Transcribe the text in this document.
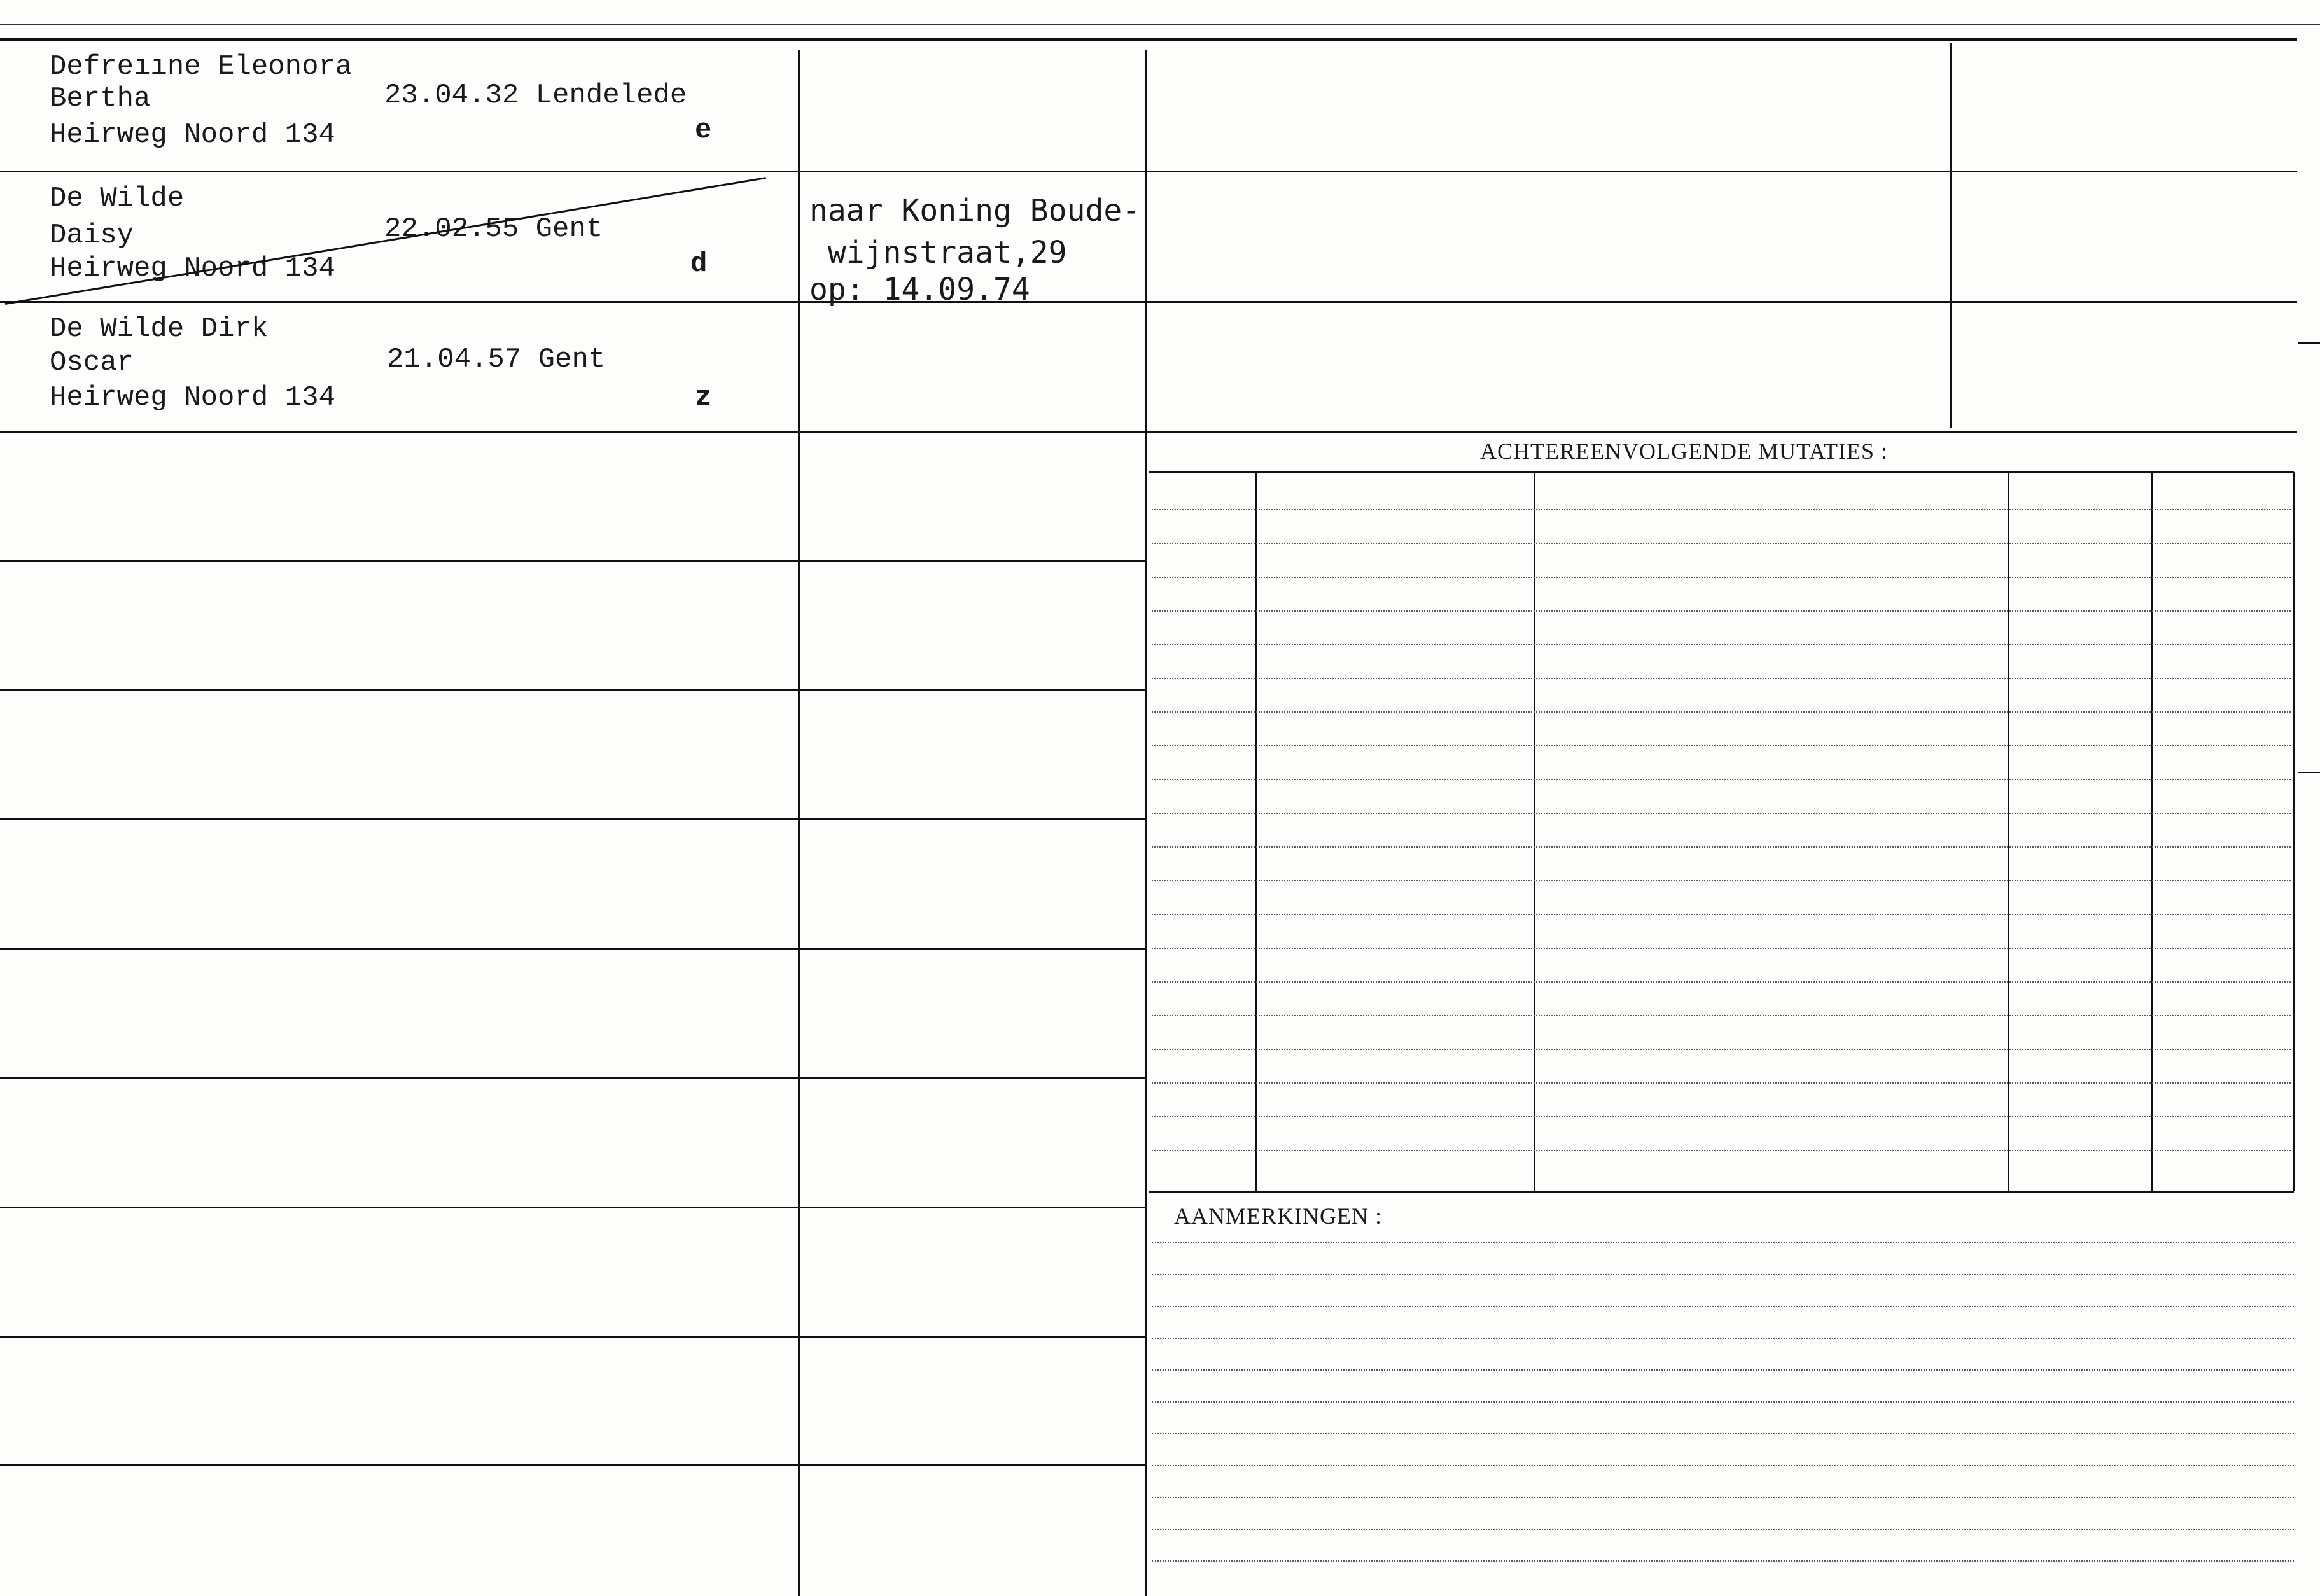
Defreııne Eleonora
Bertha
Heirweg Noord 134
23.04.32 Lendelede
e
De Wilde
Daisy
Heirweg Noord 134
22.02.55 Gent
d
naar Koning Boude-
wijnstraat,29
op: 14.09.74
De Wilde Dirk
Oscar
Heirweg Noord 134
21.04.57 Gent
z
ACHTEREENVOLGENDE MUTATIES :
AANMERKINGEN :
